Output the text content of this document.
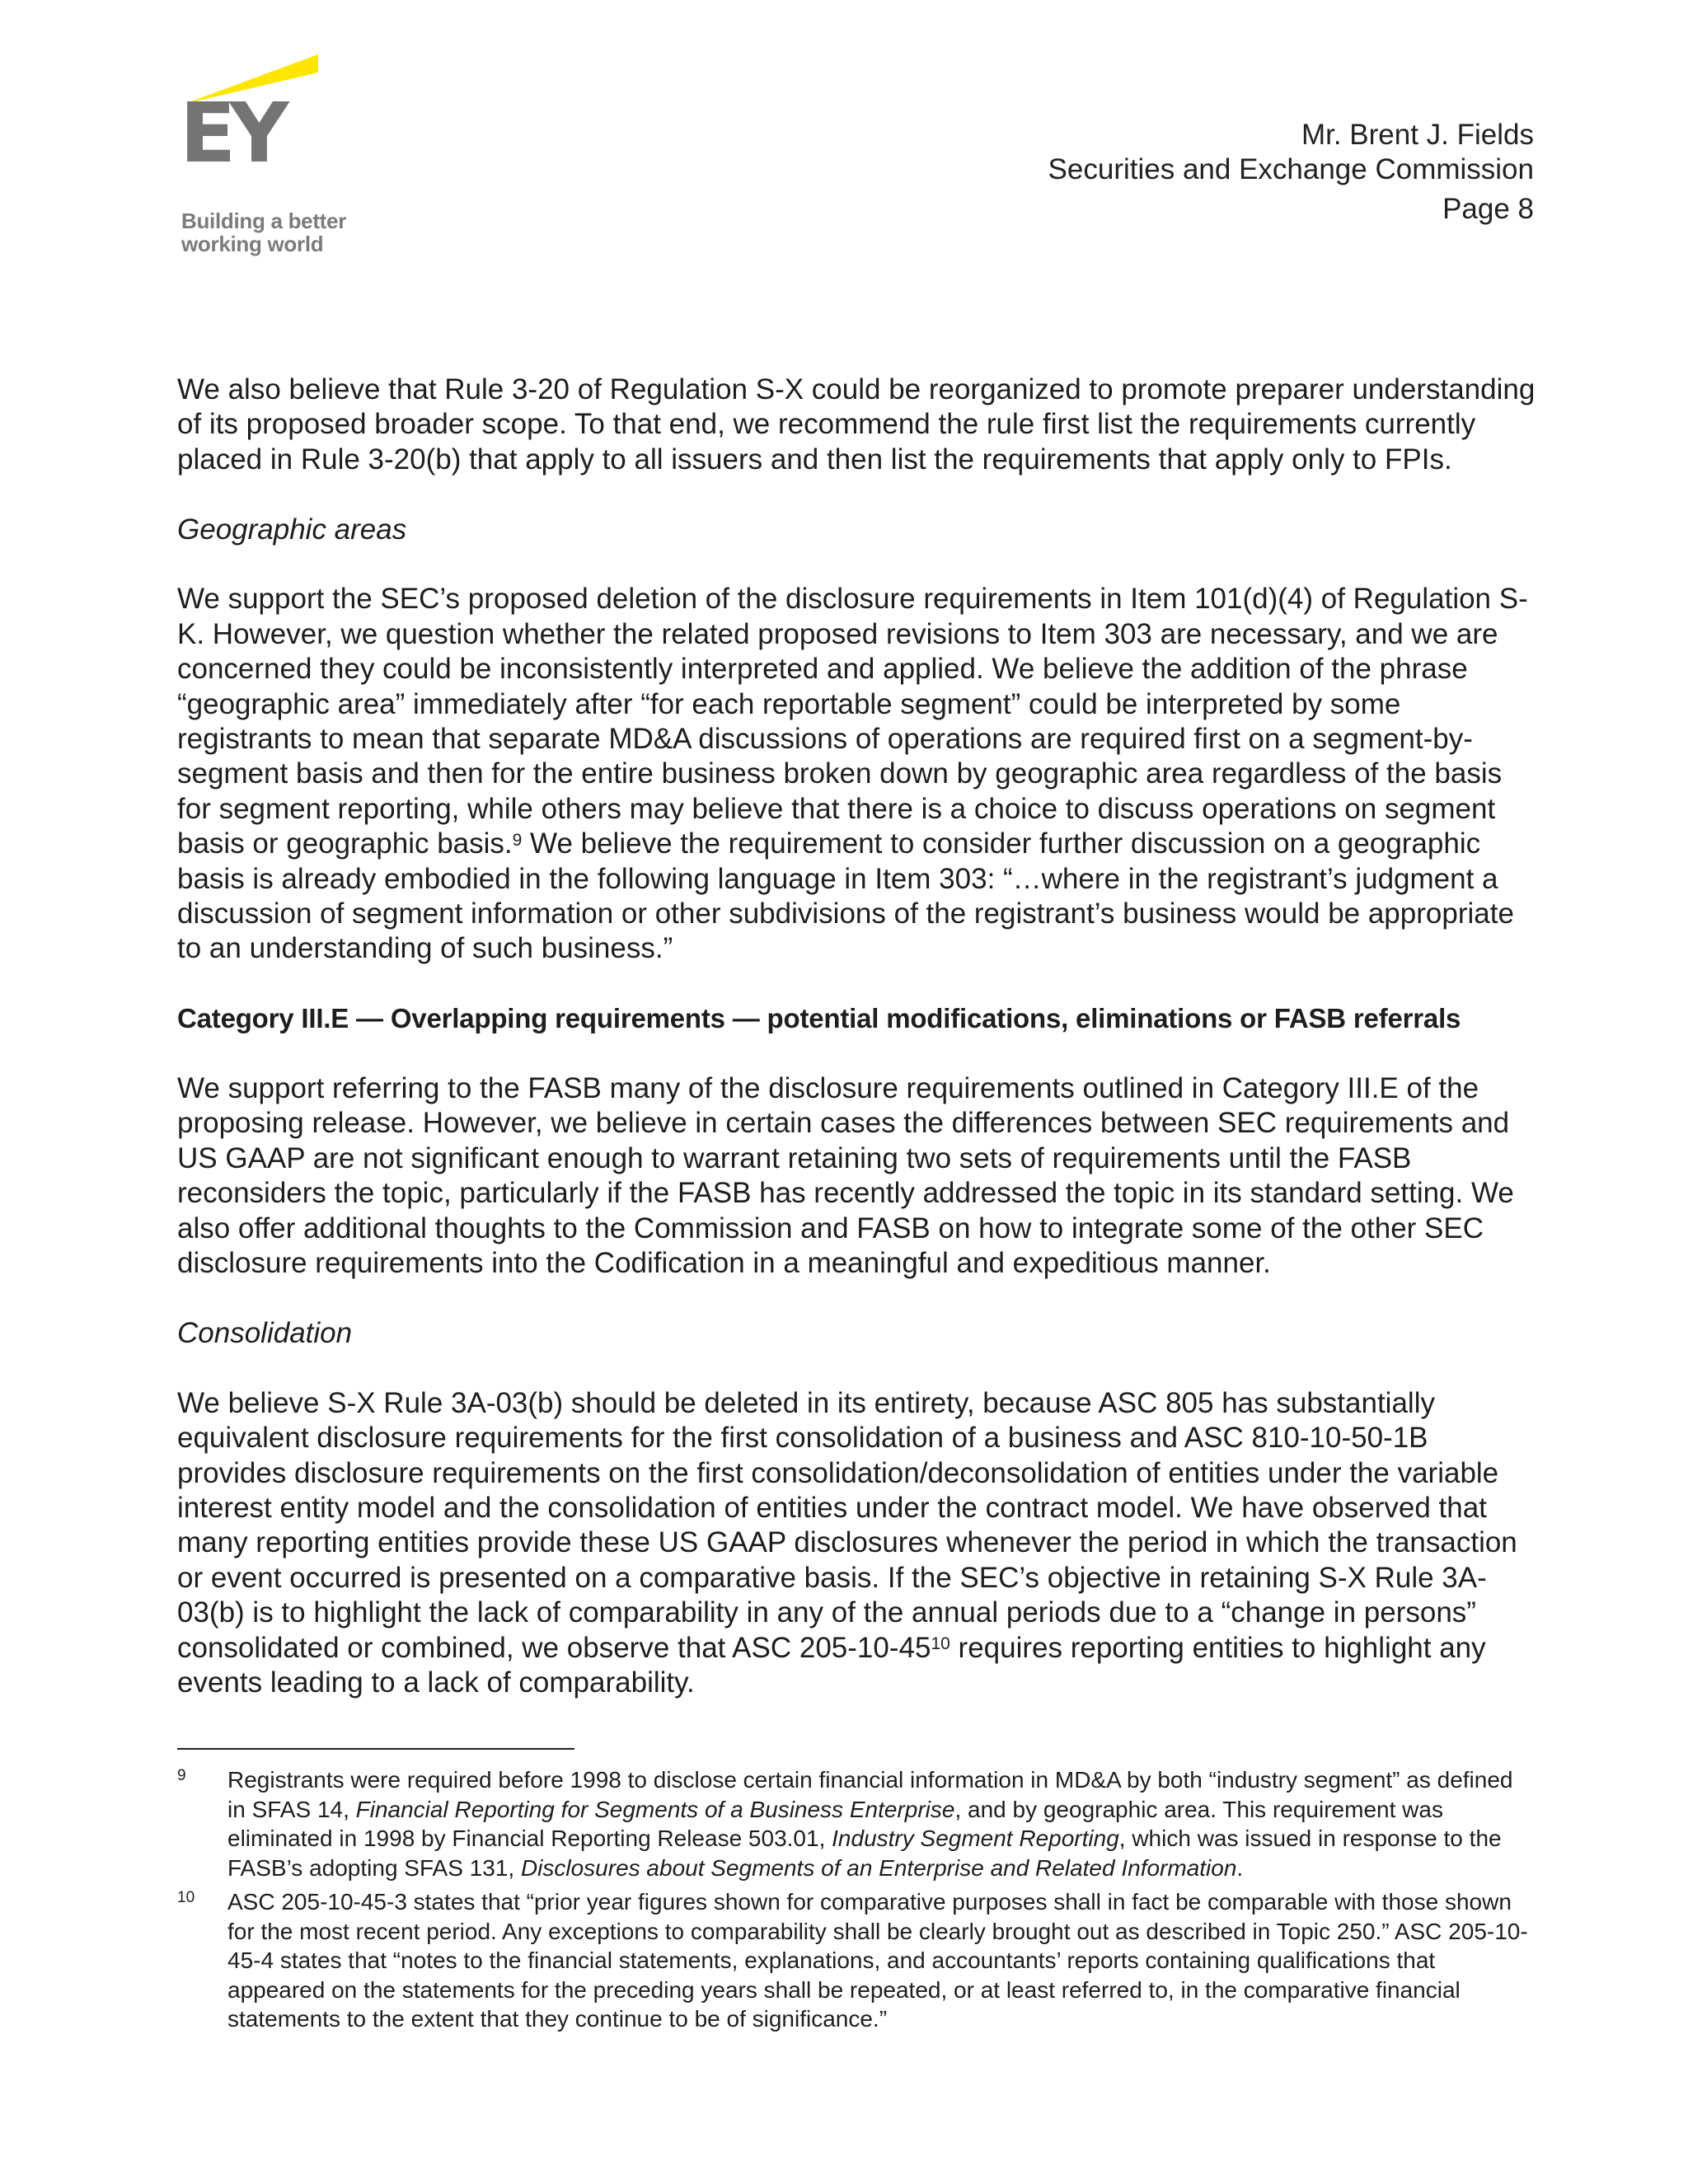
EY
Building a better
working world
Mr. Brent J. Fields
Securities and Exchange Commission
Page 8

We also believe that Rule 3-20 of Regulation S-X could be reorganized to promote preparer understanding of its proposed broader scope. To that end, we recommend the rule first list the requirements currently placed in Rule 3-20(b) that apply to all issuers and then list the requirements that apply only to FPIs.

Geographic areas

We support the SEC’s proposed deletion of the disclosure requirements in Item 101(d)(4) of Regulation S-K. However, we question whether the related proposed revisions to Item 303 are necessary, and we are concerned they could be inconsistently interpreted and applied. We believe the addition of the phrase “geographic area” immediately after “for each reportable segment” could be interpreted by some registrants to mean that separate MD&A discussions of operations are required first on a segment-by-segment basis and then for the entire business broken down by geographic area regardless of the basis for segment reporting, while others may believe that there is a choice to discuss operations on segment basis or geographic basis.$^9$ We believe the requirement to consider further discussion on a geographic basis is already embodied in the following language in Item 303: “…where in the registrant’s judgment a discussion of segment information or other subdivisions of the registrant’s business would be appropriate to an understanding of such business.”

Category III.E — Overlapping requirements — potential modifications, eliminations or FASB referrals

We support referring to the FASB many of the disclosure requirements outlined in Category III.E of the proposing release. However, we believe in certain cases the differences between SEC requirements and US GAAP are not significant enough to warrant retaining two sets of requirements until the FASB reconsiders the topic, particularly if the FASB has recently addressed the topic in its standard setting. We also offer additional thoughts to the Commission and FASB on how to integrate some of the other SEC disclosure requirements into the Codification in a meaningful and expeditious manner.

Consolidation

We believe S-X Rule 3A-03(b) should be deleted in its entirety, because ASC 805 has substantially equivalent disclosure requirements for the first consolidation of a business and ASC 810-10-50-1B provides disclosure requirements on the first consolidation/deconsolidation of entities under the variable interest entity model and the consolidation of entities under the contract model. We have observed that many reporting entities provide these US GAAP disclosures whenever the period in which the transaction or event occurred is presented on a comparative basis. If the SEC’s objective in retaining S-X Rule 3A-03(b) is to highlight the lack of comparability in any of the annual periods due to a “change in persons” consolidated or combined, we observe that ASC $205-10-45^{10}$ requires reporting entities to highlight any events leading to a lack of comparability.

9	Registrants were required before 1998 to disclose certain financial information in MD&A by both “industry segment” as defined in SFAS 14, Financial Reporting for Segments of a Business Enterprise, and by geographic area. This requirement was eliminated in 1998 by Financial Reporting Release 503.01, Industry Segment Reporting, which was issued in response to the FASB’s adopting SFAS 131, Disclosures about Segments of an Enterprise and Related Information.
10	ASC 205-10-45-3 states that “prior year figures shown for comparative purposes shall in fact be comparable with those shown for the most recent period. Any exceptions to comparability shall be clearly brought out as described in Topic 250.” ASC 205-10-45-4 states that “notes to the financial statements, explanations, and accountants’ reports containing qualifications that appeared on the statements for the preceding years shall be repeated, or at least referred to, in the comparative financial statements to the extent that they continue to be of significance.”
